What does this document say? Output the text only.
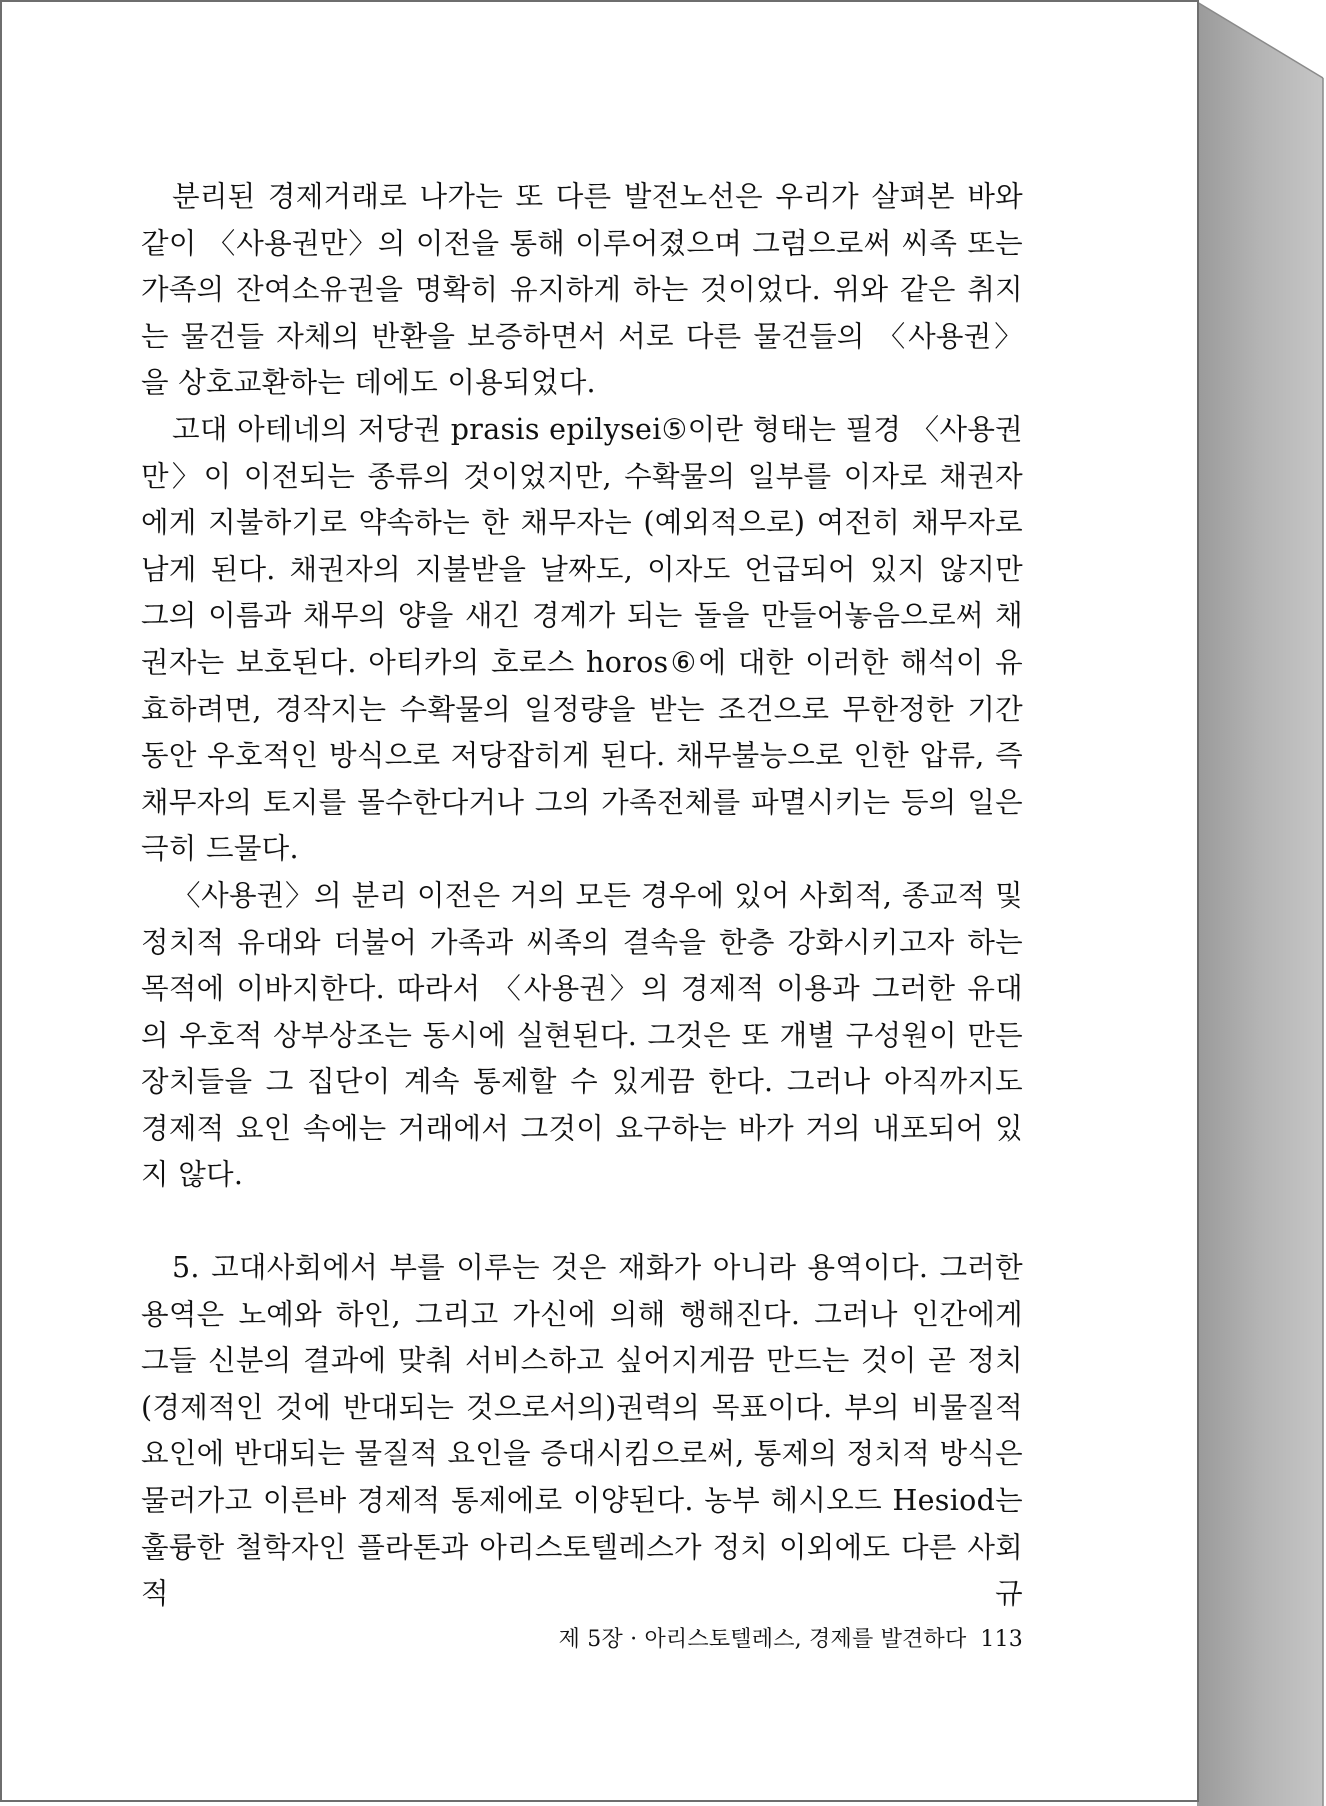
분리된 경제거래로 나가는 또 다른 발전노선은 우리가 살펴본 바와 같이 〈사용권만〉의 이전을 통해 이루어졌으며 그럼으로써 씨족 또는 가족의 잔여소유권을 명확히 유지하게 하는 것이었다. 위와 같은 취지는 물건들 자체의 반환을 보증하면서 서로 다른 물건들의 〈사용권〉을 상호교환하는 데에도 이용되었다.

고대 아테네의 저당권 prasis epilysei⑤이란 형태는 필경 〈사용권만〉이 이전되는 종류의 것이었지만, 수확물의 일부를 이자로 채권자에게 지불하기로 약속하는 한 채무자는 (예외적으로) 여전히 채무자로 남게 된다. 채권자의 지불받을 날짜도, 이자도 언급되어 있지 않지만 그의 이름과 채무의 양을 새긴 경계가 되는 돌을 만들어놓음으로써 채권자는 보호된다. 아티카의 호로스 horos⑥에 대한 이러한 해석이 유효하려면, 경작지는 수확물의 일정량을 받는 조건으로 무한정한 기간 동안 우호적인 방식으로 저당잡히게 된다. 채무불능으로 인한 압류, 즉 채무자의 토지를 몰수한다거나 그의 가족전체를 파멸시키는 등의 일은 극히 드물다.

〈사용권〉의 분리 이전은 거의 모든 경우에 있어 사회적, 종교적 및 정치적 유대와 더불어 가족과 씨족의 결속을 한층 강화시키고자 하는 목적에 이바지한다. 따라서 〈사용권〉의 경제적 이용과 그러한 유대의 우호적 상부상조는 동시에 실현된다. 그것은 또 개별 구성원이 만든 장치들을 그 집단이 계속 통제할 수 있게끔 한다. 그러나 아직까지도 경제적 요인 속에는 거래에서 그것이 요구하는 바가 거의 내포되어 있지 않다.

5. 고대사회에서 부를 이루는 것은 재화가 아니라 용역이다. 그러한 용역은 노예와 하인, 그리고 가신에 의해 행해진다. 그러나 인간에게 그들 신분의 결과에 맞춰 서비스하고 싶어지게끔 만드는 것이 곧 정치(경제적인 것에 반대되는 것으로서의)권력의 목표이다. 부의 비물질적 요인에 반대되는 물질적 요인을 증대시킴으로써, 통제의 정치적 방식은 물러가고 이른바 경제적 통제에로 이양된다. 농부 헤시오드 Hesiod는 훌륭한 철학자인 플라톤과 아리스토텔레스가 정치 이외에도 다른 사회적 규

제 5장 · 아리스토텔레스, 경제를 발견하다 113
